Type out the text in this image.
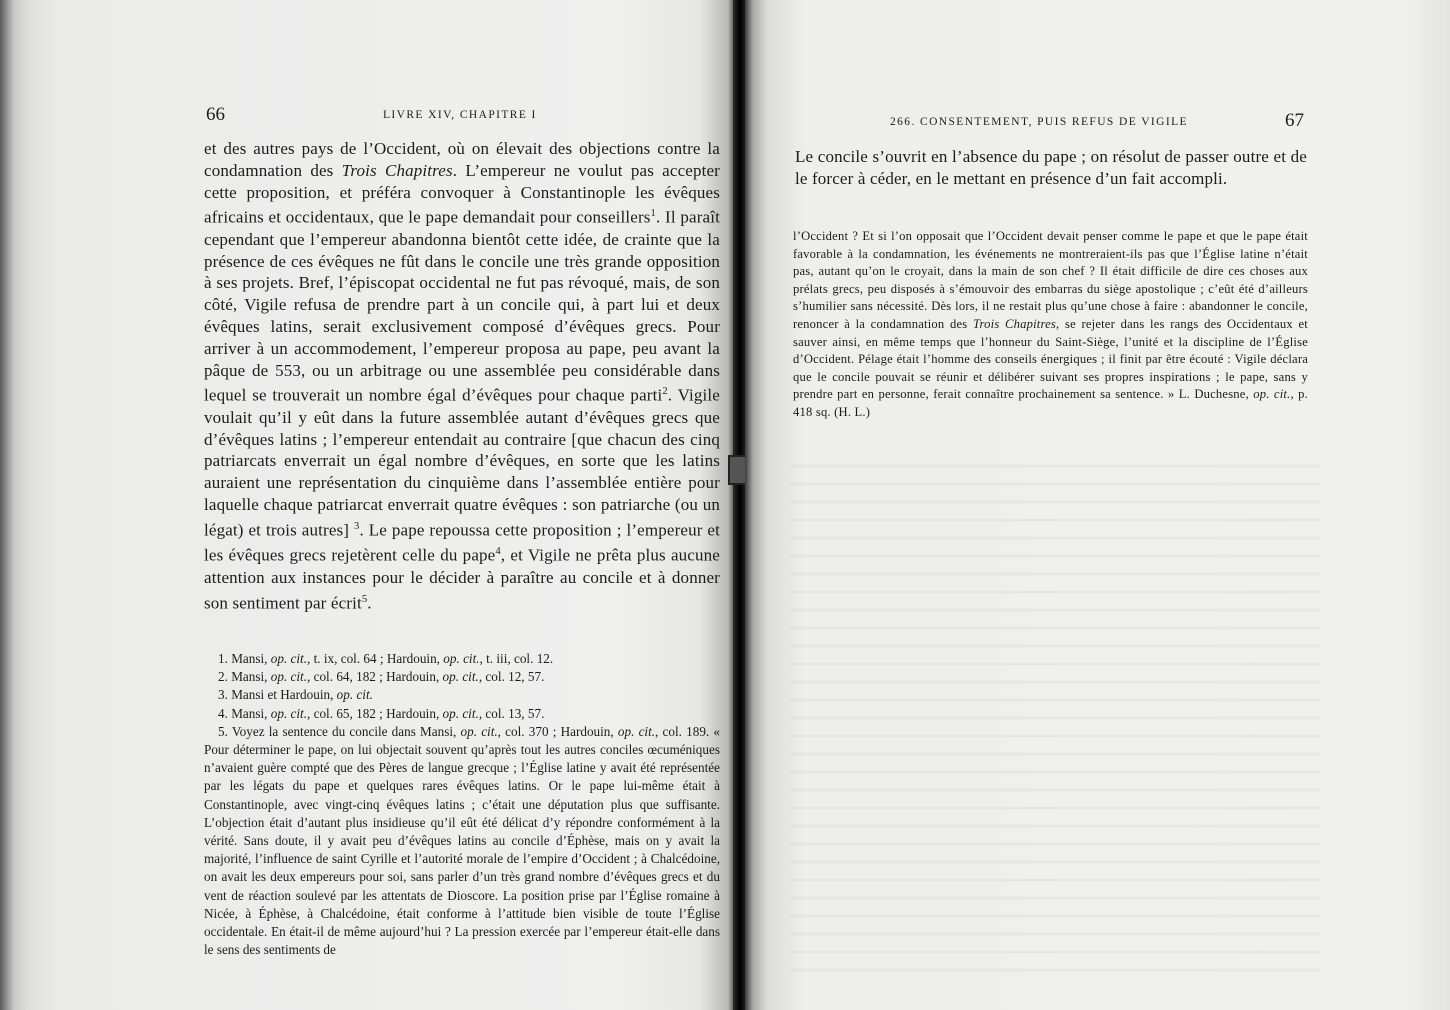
66	LIVRE XIV, CHAPITRE I

et des autres pays de l’Occident, où on élevait des objections contre la condamnation des Trois Chapitres. L’empereur ne voulut pas accepter cette proposition, et préféra convoquer à Constantinople les évêques africains et occidentaux, que le pape demandait pour conseillers$^1$. Il paraît cependant que l’empereur abandonna bientôt cette idée, de crainte que la présence de ces évêques ne fût dans le concile une très grande opposition à ses projets. Bref, l’épiscopat occidental ne fut pas révoqué, mais, de son côté, Vigile refusa de prendre part à un concile qui, à part lui et deux évêques latins, serait exclusivement composé d’évêques grecs. Pour arriver à un accommodement, l’empereur proposa au pape, peu avant la pâque de 553, ou un arbitrage ou une assemblée peu considérable dans lequel se trouverait un nombre égal d’évêques pour chaque parti$^2$. Vigile voulait qu’il y eût dans la future assemblée autant d’évêques grecs que d’évêques latins ; l’empereur entendait au contraire [que chacun des cinq patriarcats enverrait un égal nombre d’évêques, en sorte que les latins auraient une représentation du cinquième dans l’assemblée entière pour laquelle chaque patriarcat enverrait quatre évêques : son patriarche (ou un légat) et trois autres] $^3$. Le pape repoussa cette proposition ; l’empereur et les évêques grecs rejetèrent celle du pape$^4$, et Vigile ne prêta plus aucune attention aux instances pour le décider à paraître au concile et à donner son sentiment par écrit$^5$.

1. Mansi, op. cit., t. ix, col. 64 ; Hardouin, op. cit., t. iii, col. 12.

2. Mansi, op. cit., col. 64, 182 ; Hardouin, op. cit., col. 12, 57.

3. Mansi et Hardouin, op. cit.

4. Mansi, op. cit., col. 65, 182 ; Hardouin, op. cit., col. 13, 57.

5. Voyez la sentence du concile dans Mansi, op. cit., col. 370 ; Hardouin, op. cit., col. 189. « Pour déterminer le pape, on lui objectait souvent qu’après tout les autres conciles œcuméniques n’avaient guère compté que des Pères de langue grecque ; l’Église latine y avait été représentée par les légats du pape et quelques rares évêques latins. Or le pape lui-même était à Constantinople, avec vingt-cinq évêques latins ; c’était une députation plus que suffisante. L’objection était d’autant plus insidieuse qu’il eût été délicat d’y répondre conformément à la vérité. Sans doute, il y avait peu d’évêques latins au concile d’Éphèse, mais on y avait la majorité, l’influence de saint Cyrille et l’autorité morale de l’empire d’Occident ; à Chalcédoine, on avait les deux empereurs pour soi, sans parler d’un très grand nombre d’évêques grecs et du vent de réaction soulevé par les attentats de Dioscore. La position prise par l’Église romaine à Nicée, à Éphèse, à Chalcédoine, était conforme à l’attitude bien visible de toute l’Église occidentale. En était-il de même aujourd’hui ? La pression exercée par l’empereur était-elle dans le sens des sentiments de

266. CONSENTEMENT, PUIS REFUS DE VIGILE	67

Le concile s’ouvrit en l’absence du pape ; on résolut de passer outre et de le forcer à céder, en le mettant en présence d’un fait accompli.

l’Occident ? Et si l’on opposait que l’Occident devait penser comme le pape et que le pape était favorable à la condamnation, les événements ne montreraient-ils pas que l’Église latine n’était pas, autant qu’on le croyait, dans la main de son chef ? Il était difficile de dire ces choses aux prélats grecs, peu disposés à s’émouvoir des embarras du siège apostolique ; c’eût été d’ailleurs s’humilier sans nécessité. Dès lors, il ne restait plus qu’une chose à faire : abandonner le concile, renoncer à la condamnation des Trois Chapitres, se rejeter dans les rangs des Occidentaux et sauver ainsi, en même temps que l’honneur du Saint-Siège, l’unité et la discipline de l’Église d’Occident. Pélage était l’homme des conseils énergiques ; il finit par être écouté : Vigile déclara que le concile pouvait se réunir et délibérer suivant ses propres inspirations ; le pape, sans y prendre part en personne, ferait connaître prochainement sa sentence. » L. Duchesne, op. cit., p. 418 sq. (H. L.)
